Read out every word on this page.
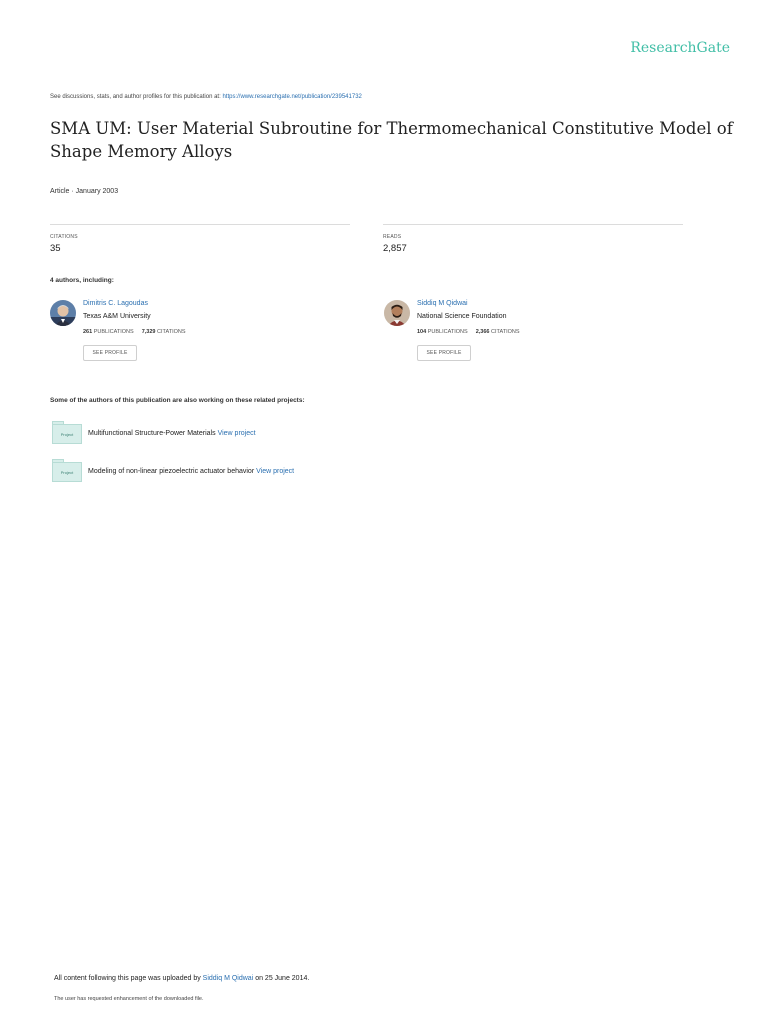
ResearchGate
See discussions, stats, and author profiles for this publication at: https://www.researchgate.net/publication/239541732
SMA UM: User Material Subroutine for Thermomechanical Constitutive Model of Shape Memory Alloys
Article · January 2003
CITATIONS
35
READS
2,857
4 authors, including:
Dimitris C. Lagoudas
Texas A&M University
261 PUBLICATIONS 7,329 CITATIONS
SEE PROFILE
Siddiq M Qidwai
National Science Foundation
104 PUBLICATIONS 2,366 CITATIONS
SEE PROFILE
Some of the authors of this publication are also working on these related projects:
Project	Multifunctional Structure-Power Materials View project
Project	Modeling of non-linear piezoelectric actuator behavior View project
All content following this page was uploaded by Siddiq M Qidwai on 25 June 2014.
The user has requested enhancement of the downloaded file.
